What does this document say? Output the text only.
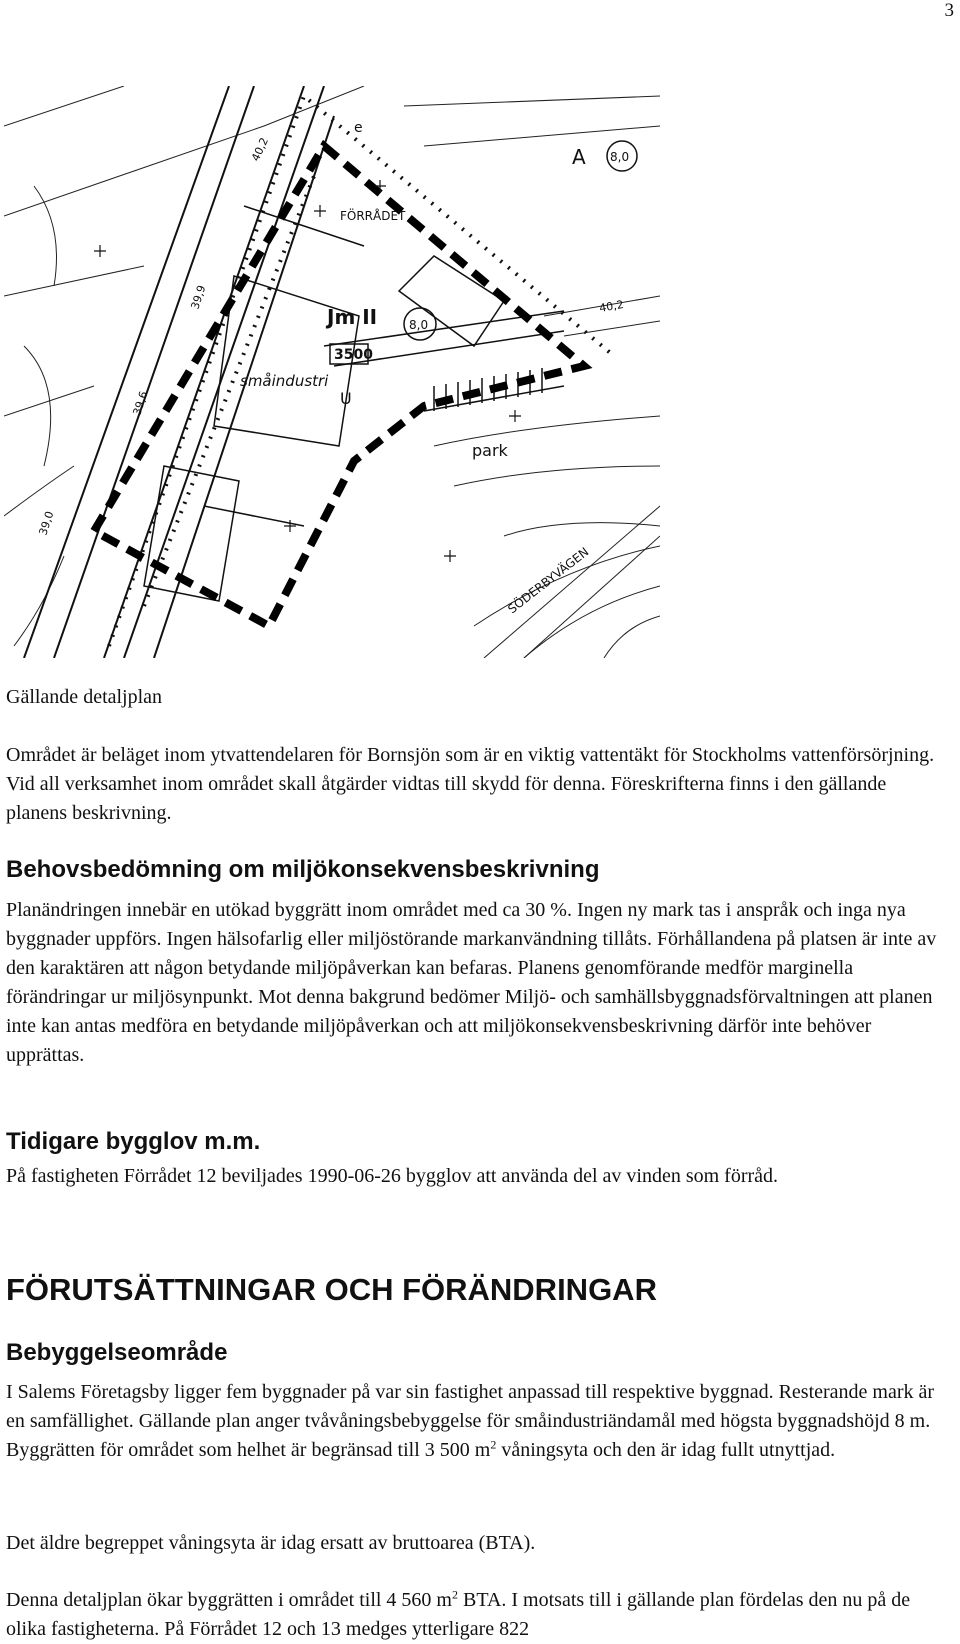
3
A 8,0
FÖRRÅDET
Jm II	8,0
3500
småindustri
U
park
SÖDERBYVÄGEN
40,2
40,2
39,9
39,6
39,0
e
Gällande detaljplan

Området är beläget inom ytvattendelaren för Bornsjön som är en viktig vattentäkt för Stockholms vattenförsörjning. Vid all verksamhet inom området skall åtgärder vidtas till skydd för denna. Föreskrifterna finns i den gällande planens beskrivning.

Behovsbedömning om miljökonsekvensbeskrivning

Planändringen innebär en utökad byggrätt inom området med ca 30 %. Ingen ny mark tas i anspråk och inga nya byggnader uppförs. Ingen hälsofarlig eller miljöstörande markanvändning tillåts. Förhållandena på platsen är inte av den karaktären att någon betydande miljöpåverkan kan befaras. Planens genomförande medför marginella förändringar ur miljösynpunkt. Mot denna bakgrund bedömer Miljö- och samhällsbyggnadsförvaltningen att planen inte kan antas medföra en betydande miljöpåverkan och att miljökonsekvensbeskrivning därför inte behöver upprättas.

Tidigare bygglov m.m.

På fastigheten Förrådet 12 beviljades 1990-06-26 bygglov att använda del av vinden som förråd.

FÖRUTSÄTTNINGAR OCH FÖRÄNDRINGAR
Bebyggelseområde

I Salems Företagsby ligger fem byggnader på var sin fastighet anpassad till respektive byggnad. Resterande mark är en samfällighet. Gällande plan anger tvåvåningsbebyggelse för småindustriändamål med högsta byggnadshöjd 8 m. Byggrätten för området som helhet är begränsad till 3 500 $m^2$ våningsyta och den är idag fullt utnyttjad.

Det äldre begreppet våningsyta är idag ersatt av bruttoarea (BTA).

Denna detaljplan ökar byggrätten i området till 4 560 $m^2$ BTA. I motsats till i gällande plan fördelas den nu på de olika fastigheterna. På Förrådet 12 och 13 medges ytterligare 822
